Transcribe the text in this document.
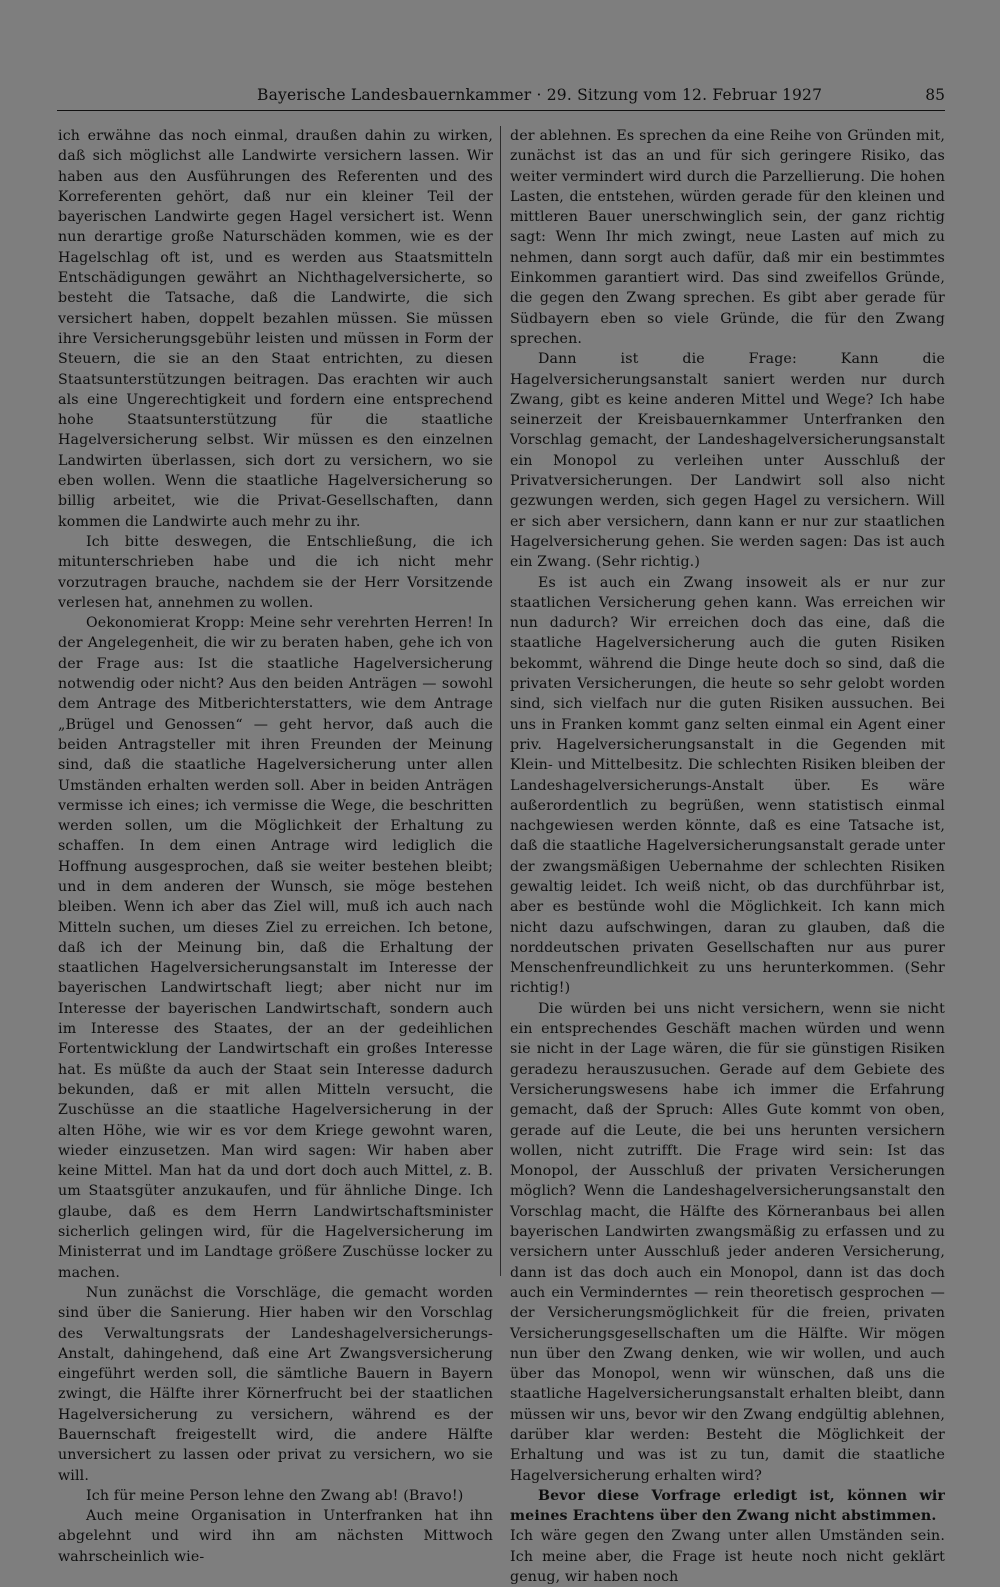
Bayerische Landesbauernkammer · 29. Sitzung vom 12. Februar 1927	85

ich erwähne das noch einmal, draußen dahin zu wirken, daß sich möglichst alle Landwirte versichern lassen. Wir haben aus den Ausführungen des Referenten und des Korreferenten gehört, daß nur ein kleiner Teil der bayerischen Landwirte gegen Hagel versichert ist. Wenn nun derartige große Naturschäden kommen, wie es der Hagelschlag oft ist, und es werden aus Staatsmitteln Entschädigungen gewährt an Nichthagelversicherte, so besteht die Tatsache, daß die Landwirte, die sich versichert haben, doppelt bezahlen müssen. Sie müssen ihre Versicherungsgebühr leisten und müssen in Form der Steuern, die sie an den Staat entrichten, zu diesen Staatsunterstützungen beitragen. Das erachten wir auch als eine Ungerechtigkeit und fordern eine entsprechend hohe Staatsunterstützung für die staatliche Hagelversicherung selbst. Wir müssen es den einzelnen Landwirten überlassen, sich dort zu versichern, wo sie eben wollen. Wenn die staatliche Hagelversicherung so billig arbeitet, wie die Privat-Gesellschaften, dann kommen die Landwirte auch mehr zu ihr.

Ich bitte deswegen, die Entschließung, die ich mitunterschrieben habe und die ich nicht mehr vorzutragen brauche, nachdem sie der Herr Vorsitzende verlesen hat, annehmen zu wollen.

Oekonomierat Kropp: Meine sehr verehrten Herren! In der Angelegenheit, die wir zu beraten haben, gehe ich von der Frage aus: Ist die staatliche Hagelversicherung notwendig oder nicht? Aus den beiden Anträgen — sowohl dem Antrage des Mitberichterstatters, wie dem Antrage „Brügel und Genossen“ — geht hervor, daß auch die beiden Antragsteller mit ihren Freunden der Meinung sind, daß die staatliche Hagelversicherung unter allen Umständen erhalten werden soll. Aber in beiden Anträgen vermisse ich eines; ich vermisse die Wege, die beschritten werden sollen, um die Möglichkeit der Erhaltung zu schaffen. In dem einen Antrage wird lediglich die Hoffnung ausgesprochen, daß sie weiter bestehen bleibt; und in dem anderen der Wunsch, sie möge bestehen bleiben. Wenn ich aber das Ziel will, muß ich auch nach Mitteln suchen, um dieses Ziel zu erreichen. Ich betone, daß ich der Meinung bin, daß die Erhaltung der staatlichen Hagelversicherungsanstalt im Interesse der bayerischen Landwirtschaft liegt; aber nicht nur im Interesse der bayerischen Landwirtschaft, sondern auch im Interesse des Staates, der an der gedeihlichen Fortentwicklung der Landwirtschaft ein großes Interesse hat. Es müßte da auch der Staat sein Interesse dadurch bekunden, daß er mit allen Mitteln versucht, die Zuschüsse an die staatliche Hagelversicherung in der alten Höhe, wie wir es vor dem Kriege gewohnt waren, wieder einzusetzen. Man wird sagen: Wir haben aber keine Mittel. Man hat da und dort doch auch Mittel, z. B. um Staatsgüter anzukaufen, und für ähnliche Dinge. Ich glaube, daß es dem Herrn Landwirtschaftsminister sicherlich gelingen wird, für die Hagelversicherung im Ministerrat und im Landtage größere Zuschüsse locker zu machen.

Nun zunächst die Vorschläge, die gemacht worden sind über die Sanierung. Hier haben wir den Vorschlag des Verwaltungsrats der Landeshagelversicherungs-Anstalt, dahingehend, daß eine Art Zwangsversicherung eingeführt werden soll, die sämtliche Bauern in Bayern zwingt, die Hälfte ihrer Körnerfrucht bei der staatlichen Hagelversicherung zu versichern, während es der Bauernschaft freigestellt wird, die andere Hälfte unversichert zu lassen oder privat zu versichern, wo sie will.

Ich für meine Person lehne den Zwang ab! (Bravo!)

Auch meine Organisation in Unterfranken hat ihn abgelehnt und wird ihn am nächsten Mittwoch wahrscheinlich wie-

der ablehnen. Es sprechen da eine Reihe von Gründen mit, zunächst ist das an und für sich geringere Risiko, das weiter vermindert wird durch die Parzellierung. Die hohen Lasten, die entstehen, würden gerade für den kleinen und mittleren Bauer unerschwinglich sein, der ganz richtig sagt: Wenn Ihr mich zwingt, neue Lasten auf mich zu nehmen, dann sorgt auch dafür, daß mir ein bestimmtes Einkommen garantiert wird. Das sind zweifellos Gründe, die gegen den Zwang sprechen. Es gibt aber gerade für Südbayern eben so viele Gründe, die für den Zwang sprechen.

Dann ist die Frage: Kann die Hagelversicherungsanstalt saniert werden nur durch Zwang, gibt es keine anderen Mittel und Wege? Ich habe seinerzeit der Kreisbauernkammer Unterfranken den Vorschlag gemacht, der Landeshagelversicherungsanstalt ein Monopol zu verleihen unter Ausschluß der Privatversicherungen. Der Landwirt soll also nicht gezwungen werden, sich gegen Hagel zu versichern. Will er sich aber versichern, dann kann er nur zur staatlichen Hagelversicherung gehen. Sie werden sagen: Das ist auch ein Zwang. (Sehr richtig.)

Es ist auch ein Zwang insoweit als er nur zur staatlichen Versicherung gehen kann. Was erreichen wir nun dadurch? Wir erreichen doch das eine, daß die staatliche Hagelversicherung auch die guten Risiken bekommt, während die Dinge heute doch so sind, daß die privaten Versicherungen, die heute so sehr gelobt worden sind, sich vielfach nur die guten Risiken aussuchen. Bei uns in Franken kommt ganz selten einmal ein Agent einer priv. Hagelversicherungsanstalt in die Gegenden mit Klein- und Mittelbesitz. Die schlechten Risiken bleiben der Landeshagelversicherungs-Anstalt über. Es wäre außerordentlich zu begrüßen, wenn statistisch einmal nachgewiesen werden könnte, daß es eine Tatsache ist, daß die staatliche Hagelversicherungsanstalt gerade unter der zwangsmäßigen Uebernahme der schlechten Risiken gewaltig leidet. Ich weiß nicht, ob das durchführbar ist, aber es bestünde wohl die Möglichkeit. Ich kann mich nicht dazu aufschwingen, daran zu glauben, daß die norddeutschen privaten Gesellschaften nur aus purer Menschenfreundlichkeit zu uns herunterkommen. (Sehr richtig!)

Die würden bei uns nicht versichern, wenn sie nicht ein entsprechendes Geschäft machen würden und wenn sie nicht in der Lage wären, die für sie günstigen Risiken geradezu herauszusuchen. Gerade auf dem Gebiete des Versicherungswesens habe ich immer die Erfahrung gemacht, daß der Spruch: Alles Gute kommt von oben, gerade auf die Leute, die bei uns herunten versichern wollen, nicht zutrifft. Die Frage wird sein: Ist das Monopol, der Ausschluß der privaten Versicherungen möglich? Wenn die Landeshagelversicherungsanstalt den Vorschlag macht, die Hälfte des Körneranbaus bei allen bayerischen Landwirten zwangsmäßig zu erfassen und zu versichern unter Ausschluß jeder anderen Versicherung, dann ist das doch auch ein Monopol, dann ist das doch auch ein Verminderntes — rein theoretisch gesprochen — der Versicherungsmöglichkeit für die freien, privaten Versicherungsgesellschaften um die Hälfte. Wir mögen nun über den Zwang denken, wie wir wollen, und auch über das Monopol, wenn wir wünschen, daß uns die staatliche Hagelversicherungsanstalt erhalten bleibt, dann müssen wir uns, bevor wir den Zwang endgültig ablehnen, darüber klar werden: Besteht die Möglichkeit der Erhaltung und was ist zu tun, damit die staatliche Hagelversicherung erhalten wird?

Bevor diese Vorfrage erledigt ist, können wir meines Erachtens über den Zwang nicht abstimmen.

Ich wäre gegen den Zwang unter allen Umständen sein. Ich meine aber, die Frage ist heute noch nicht geklärt genug, wir haben noch
